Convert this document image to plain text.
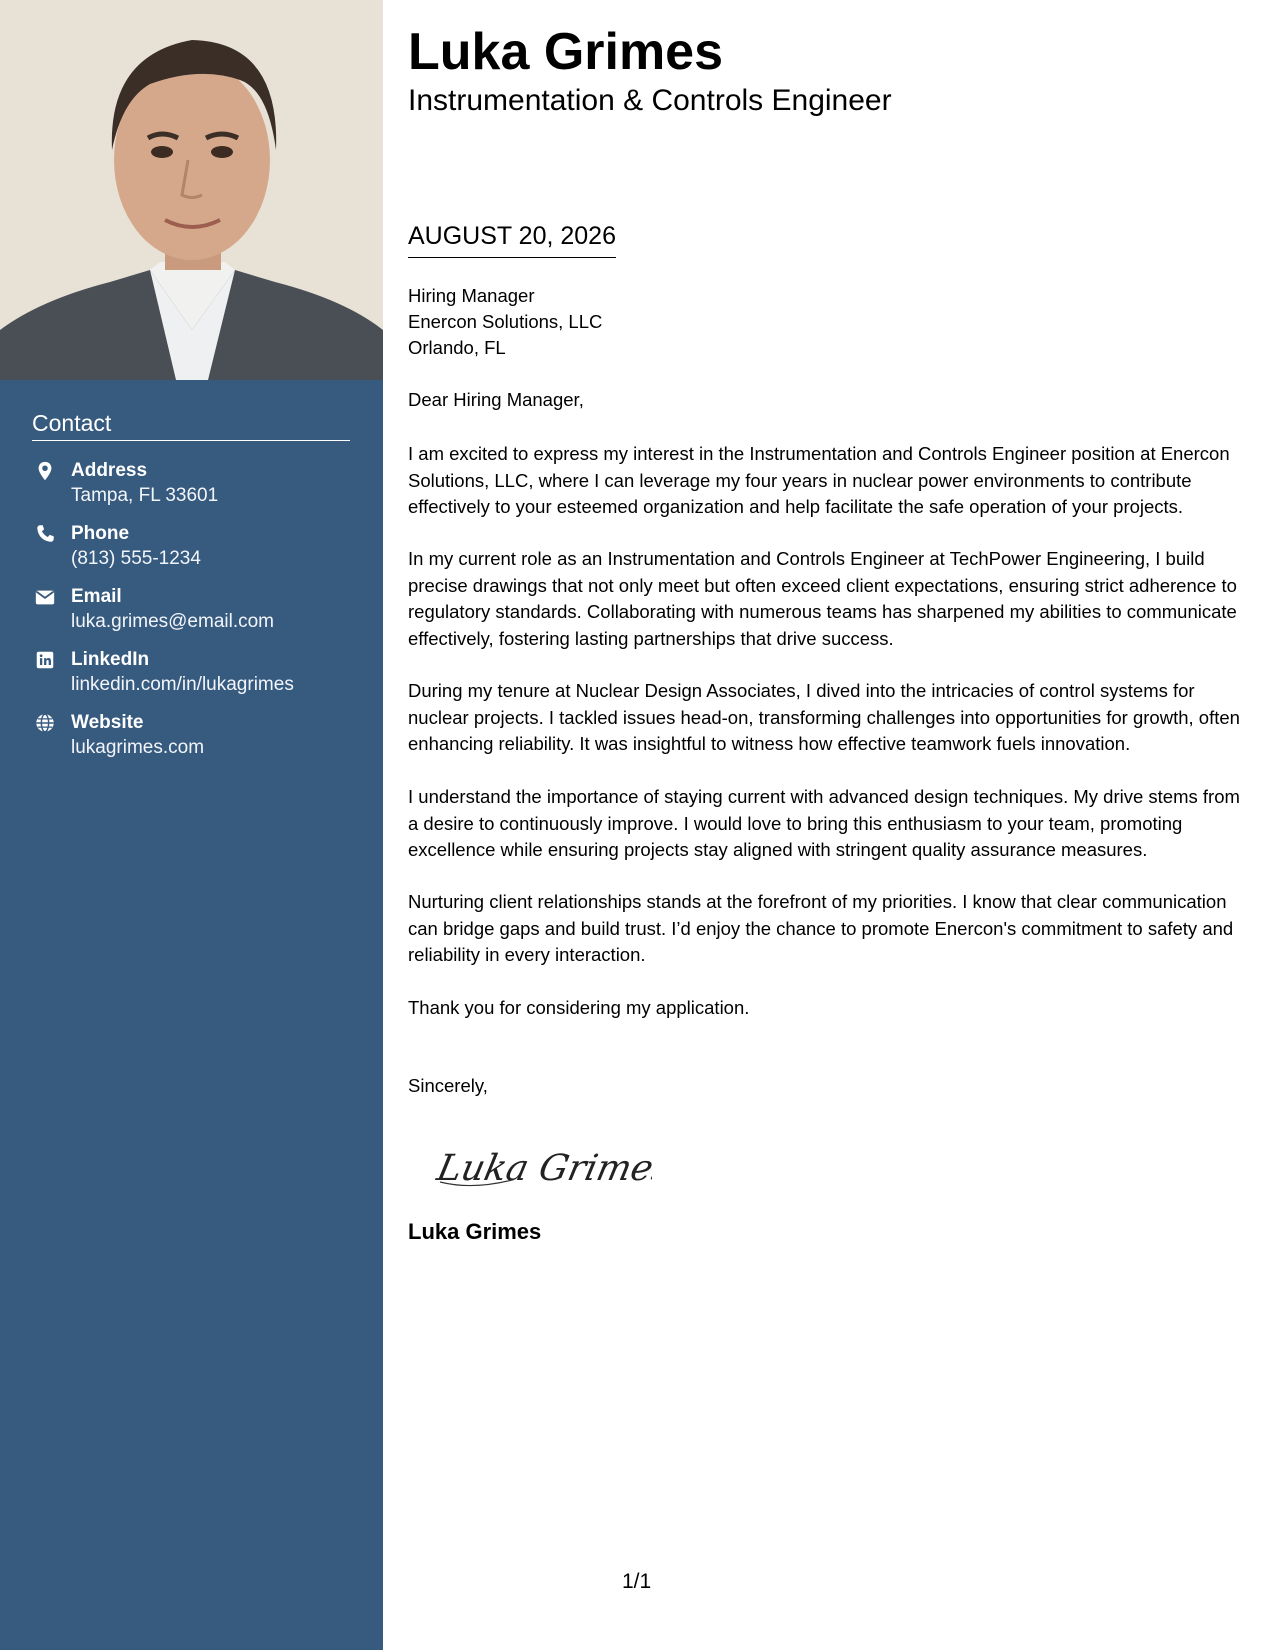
Contact
Address
Tampa, FL 33601
Phone
(813) 555-1234
Email
luka.grimes@email.com
LinkedIn
linkedin.com/in/lukagrimes
Website
lukagrimes.com
Luka Grimes
Instrumentation & Controls Engineer
AUGUST 20, 2026
Hiring Manager
Enercon Solutions, LLC
Orlando, FL
Dear Hiring Manager,

I am excited to express my interest in the Instrumentation and Controls Engineer position at Enercon Solutions, LLC, where I can leverage my four years in nuclear power environments to contribute effectively to your esteemed organization and help facilitate the safe operation of your projects.

In my current role as an Instrumentation and Controls Engineer at TechPower Engineering, I build precise drawings that not only meet but often exceed client expectations, ensuring strict adherence to regulatory standards. Collaborating with numerous teams has sharpened my abilities to communicate effectively, fostering lasting partnerships that drive success.

During my tenure at Nuclear Design Associates, I dived into the intricacies of control systems for nuclear projects. I tackled issues head-on, transforming challenges into opportunities for growth, often enhancing reliability. It was insightful to witness how effective teamwork fuels innovation.

I understand the importance of staying current with advanced design techniques. My drive stems from a desire to continuously improve. I would love to bring this enthusiasm to your team, promoting excellence while ensuring projects stay aligned with stringent quality assurance measures.

Nurturing client relationships stands at the forefront of my priorities. I know that clear communication can bridge gaps and build trust. I’d enjoy the chance to promote Enercon's commitment to safety and reliability in every interaction.

Thank you for considering my application.

Sincerely,
Luka Grimes
Luka Grimes
1/1
